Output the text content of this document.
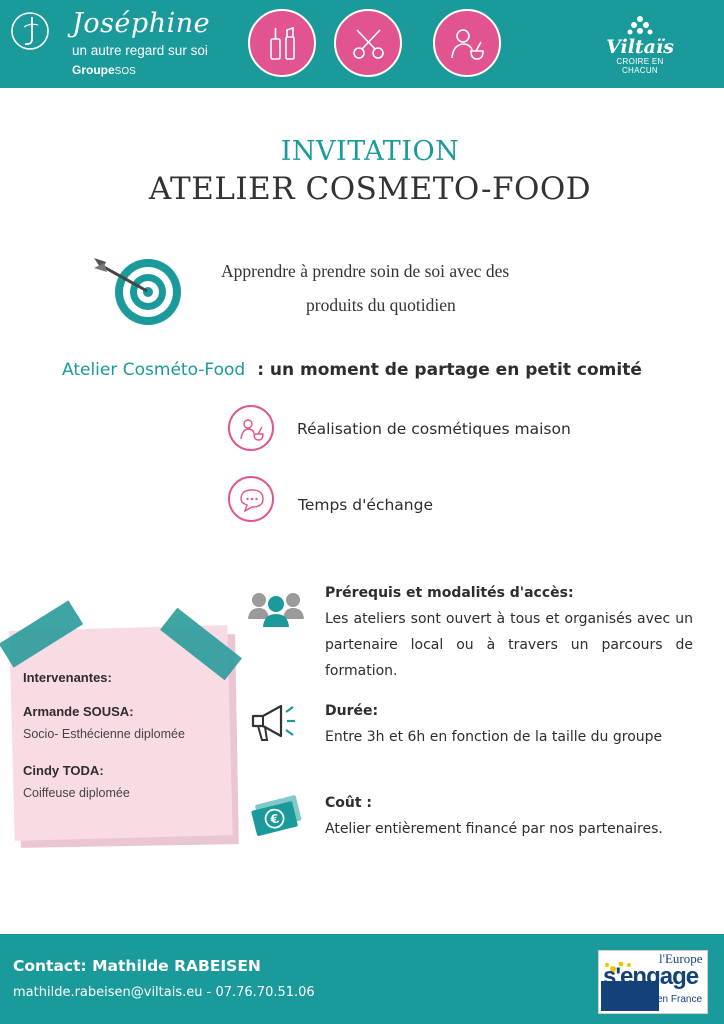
Joséphine
un autre regard sur soi
GroupeSOS
Viltaïs
CROIRE EN CHACUN
INVITATION
ATELIER COSMETO-FOOD
Apprendre à prendre soin de soi avec des
produits du quotidien
Atelier Cosméto-Food : un moment de partage en petit comité
Réalisation de cosmétiques maison
Temps d'échange
Intervenantes:
Armande SOUSA:
Socio- Esthécienne diplomée
Cindy TODA:
Coiffeuse diplomée
Prérequis et modalités d'accès:
Les ateliers sont ouvert à tous et organisés avec un partenaire local ou à travers un parcours de formation.
Durée:
Entre 3h et 6h en fonction de la taille du groupe
€
Coût :
Atelier entièrement financé par nos partenaires.
Contact: Mathilde RABEISEN
mathilde.rabeisen@viltais.eu - 07.76.70.51.06
l'Europe
s'engage
en France
